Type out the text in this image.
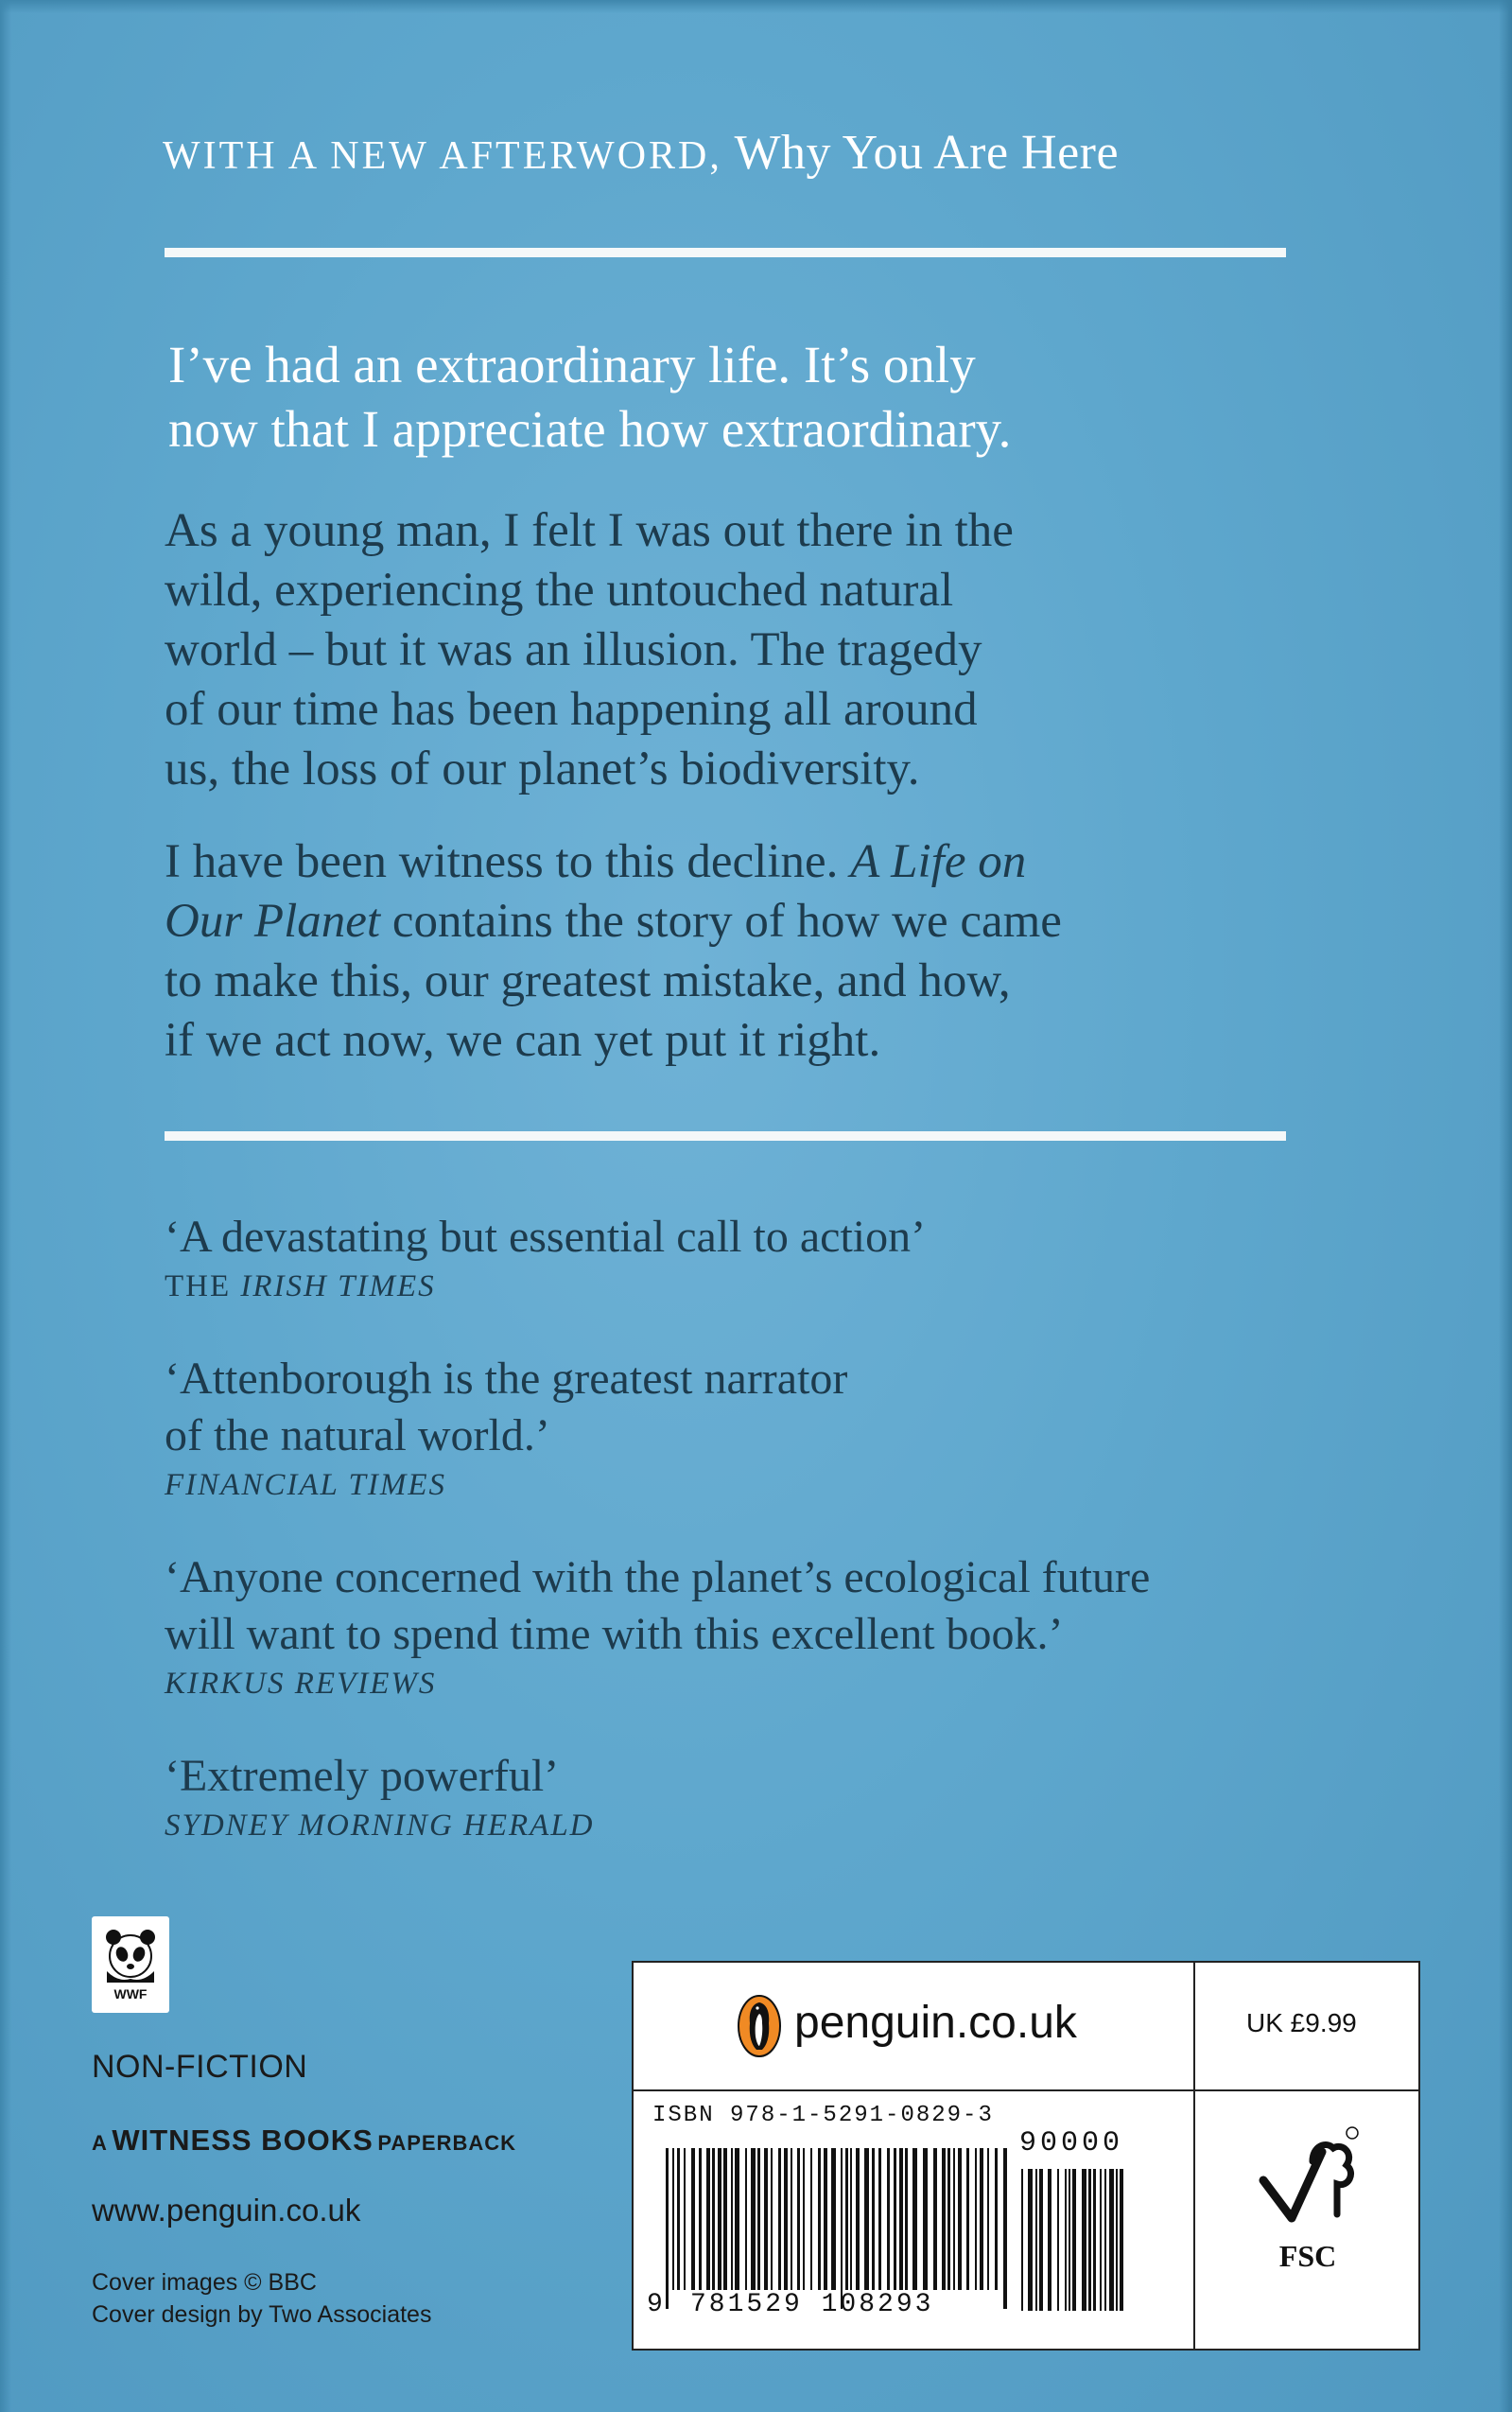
WITH A NEW AFTERWORD, Why You Are Here

I’ve had an extraordinary life. It’s only

now that I appreciate how extraordinary.

As a young man, I felt I was out there in the

wild, experiencing the untouched natural

world – but it was an illusion. The tragedy

of our time has been happening all around

us, the loss of our planet’s biodiversity.

I have been witness to this decline. A Life on

Our Planet contains the story of how we came

to make this, our greatest mistake, and how,

if we act now, we can yet put it right.

‘A devastating but essential call to action’

THE IRISH TIMES

‘Attenborough is the greatest narrator

of the natural world.’

FINANCIAL TIMES

‘Anyone concerned with the planet’s ecological future

will want to spend time with this excellent book.’

KIRKUS REVIEWS

‘Extremely powerful’

SYDNEY MORNING HERALD
WWF
NON-FICTION
A WITNESS BOOKS PAPERBACK
www.penguin.co.uk

Cover images © BBC

Cover design by Two Associates

penguin.co.uk	UK £9.99
ISBN 978-1-5291-0829-3
90000
9 781529 108293
FSC
